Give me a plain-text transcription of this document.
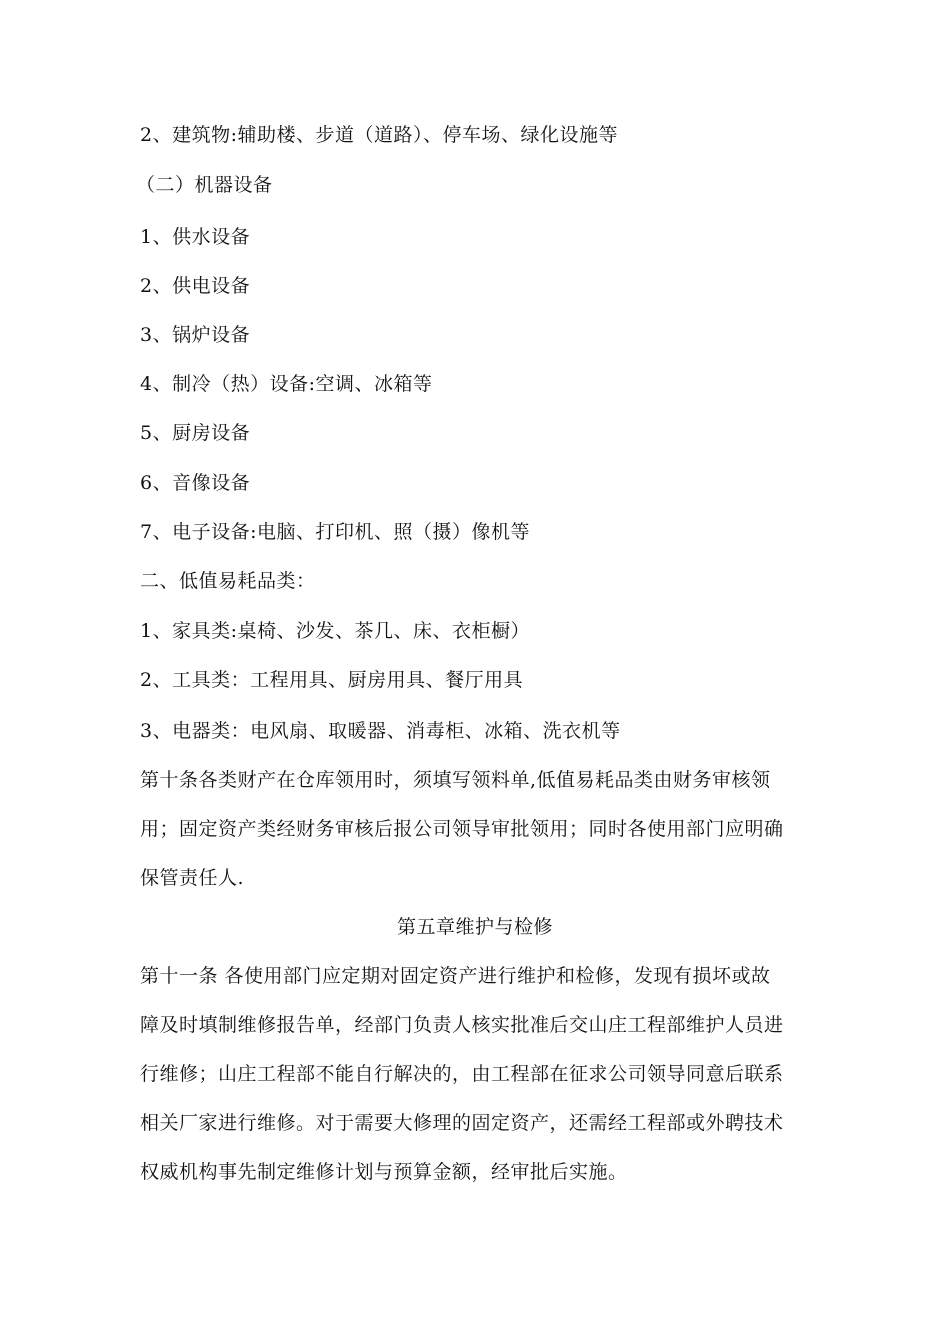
2、建筑物:辅助楼、步道（道路）、停车场、绿化设施等
（二）机器设备
1、供水设备
2、供电设备
3、锅炉设备
4、制冷（热）设备:空调、冰箱等
5、厨房设备
6、音像设备
7、电子设备:电脑、打印机、照（摄）像机等
二、低值易耗品类：
1、家具类:桌椅、沙发、茶几、床、衣柜橱）
2、工具类：工程用具、厨房用具、餐厅用具
3、电器类：电风扇、取暖器、消毒柜、冰箱、洗衣机等
第十条各类财产在仓库领用时，须填写领料单,低值易耗品类由财务审核领
用；固定资产类经财务审核后报公司领导审批领用；同时各使用部门应明确
保管责任人.
第五章维护与检修
第十一条 各使用部门应定期对固定资产进行维护和检修，发现有损坏或故
障及时填制维修报告单，经部门负责人核实批准后交山庄工程部维护人员进
行维修；山庄工程部不能自行解决的，由工程部在征求公司领导同意后联系
相关厂家进行维修。对于需要大修理的固定资产，还需经工程部或外聘技术
权威机构事先制定维修计划与预算金额，经审批后实施。
